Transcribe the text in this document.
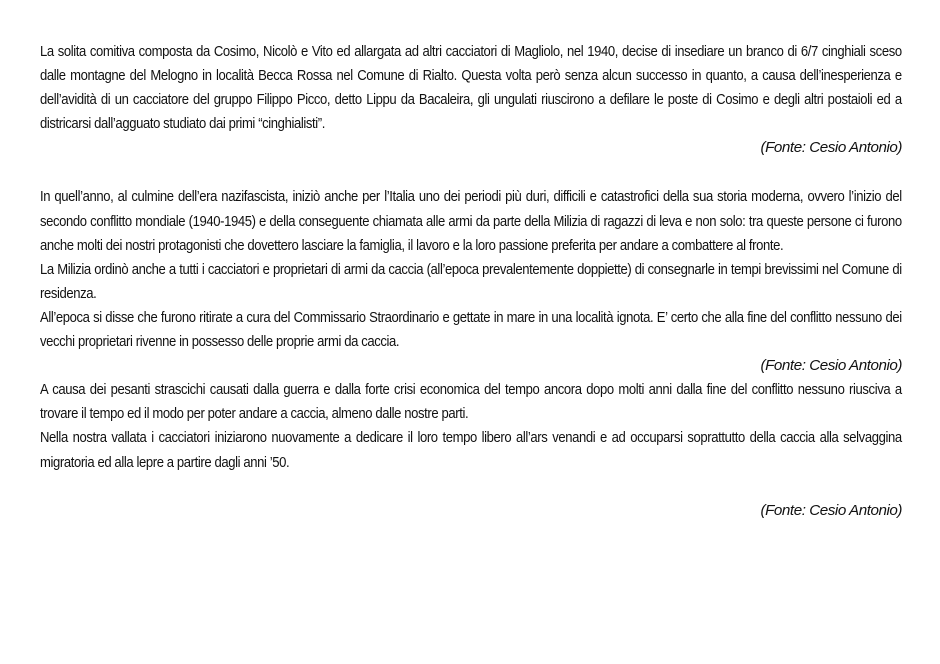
La solita comitiva composta da Cosimo, Nicolò e Vito ed allargata ad altri cacciatori di Magliolo, nel 1940, decise di insediare un branco di 6/7 cinghiali sceso dalle montagne del Melogno in località Becca Rossa nel Comune di Rialto. Questa volta però senza alcun successo in quanto, a causa dell’inesperienza e dell’avidità di un cacciatore del gruppo Filippo Picco, detto Lippu da Bacaleira, gli ungulati riuscirono a defilare le poste di Cosimo e degli altri postaioli ed a districarsi dall’agguato studiato dai primi “cinghialisti”.

(Fonte: Cesio Antonio)

In quell’anno, al culmine dell’era nazifascista, iniziò anche per l’Italia uno dei periodi più duri, difficili e catastrofici della sua storia moderna, ovvero l’inizio del secondo conflitto mondiale (1940-1945) e della conseguente chiamata alle armi da parte della Milizia di ragazzi di leva e non solo: tra queste persone ci furono anche molti dei nostri protagonisti che dovettero lasciare la famiglia, il lavoro e la loro passione preferita per andare a combattere al fronte.

La Milizia ordinò anche a tutti i cacciatori e proprietari di armi da caccia (all’epoca prevalentemente doppiette) di consegnarle in tempi brevissimi nel Comune di residenza.

All’epoca si disse che furono ritirate a cura del Commissario Straordinario e gettate in mare in una località ignota. E’ certo che alla fine del conflitto nessuno dei vecchi proprietari rivenne in possesso delle proprie armi da caccia.

(Fonte: Cesio Antonio)

A causa dei pesanti strascichi causati dalla guerra e dalla forte crisi economica del tempo ancora dopo molti anni dalla fine del conflitto nessuno riusciva a trovare il tempo ed il modo per poter andare a caccia, almeno dalle nostre parti.

Nella nostra vallata i cacciatori iniziarono nuovamente a dedicare il loro tempo libero all’ars venandi e ad occuparsi soprattutto della caccia alla selvaggina migratoria ed alla lepre a partire dagli anni ’50.

(Fonte: Cesio Antonio)
